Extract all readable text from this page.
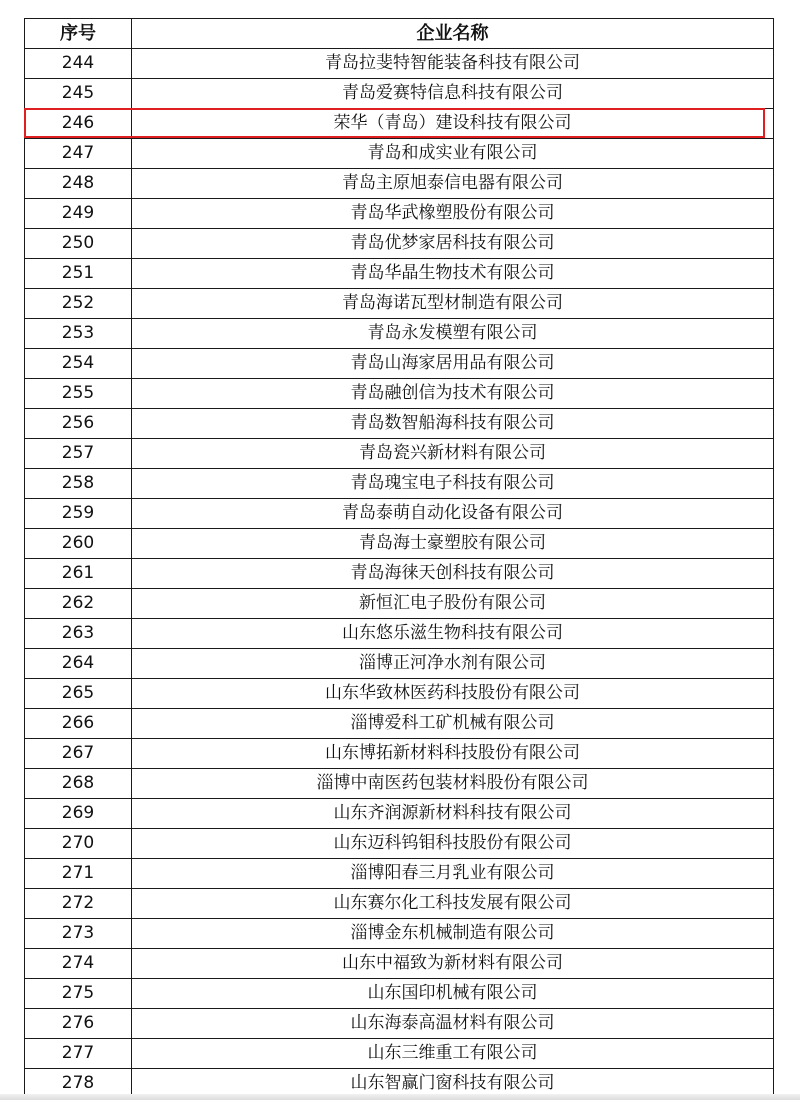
序号	企业名称
244	青岛拉斐特智能装备科技有限公司
245	青岛爱赛特信息科技有限公司
246	荣华（青岛）建设科技有限公司
247	青岛和成实业有限公司
248	青岛主原旭泰信电器有限公司
249	青岛华武橡塑股份有限公司
250	青岛优梦家居科技有限公司
251	青岛华晶生物技术有限公司
252	青岛海诺瓦型材制造有限公司
253	青岛永发模塑有限公司
254	青岛山海家居用品有限公司
255	青岛融创信为技术有限公司
256	青岛数智船海科技有限公司
257	青岛瓷兴新材料有限公司
258	青岛瑰宝电子科技有限公司
259	青岛泰萌自动化设备有限公司
260	青岛海士豪塑胶有限公司
261	青岛海徕天创科技有限公司
262	新恒汇电子股份有限公司
263	山东悠乐滋生物科技有限公司
264	淄博正河净水剂有限公司
265	山东华致林医药科技股份有限公司
266	淄博爱科工矿机械有限公司
267	山东博拓新材料科技股份有限公司
268	淄博中南医药包装材料股份有限公司
269	山东齐润源新材料科技有限公司
270	山东迈科钨钼科技股份有限公司
271	淄博阳春三月乳业有限公司
272	山东赛尔化工科技发展有限公司
273	淄博金东机械制造有限公司
274	山东中福致为新材料有限公司
275	山东国印机械有限公司
276	山东海泰高温材料有限公司
277	山东三维重工有限公司
278	山东智赢门窗科技有限公司
